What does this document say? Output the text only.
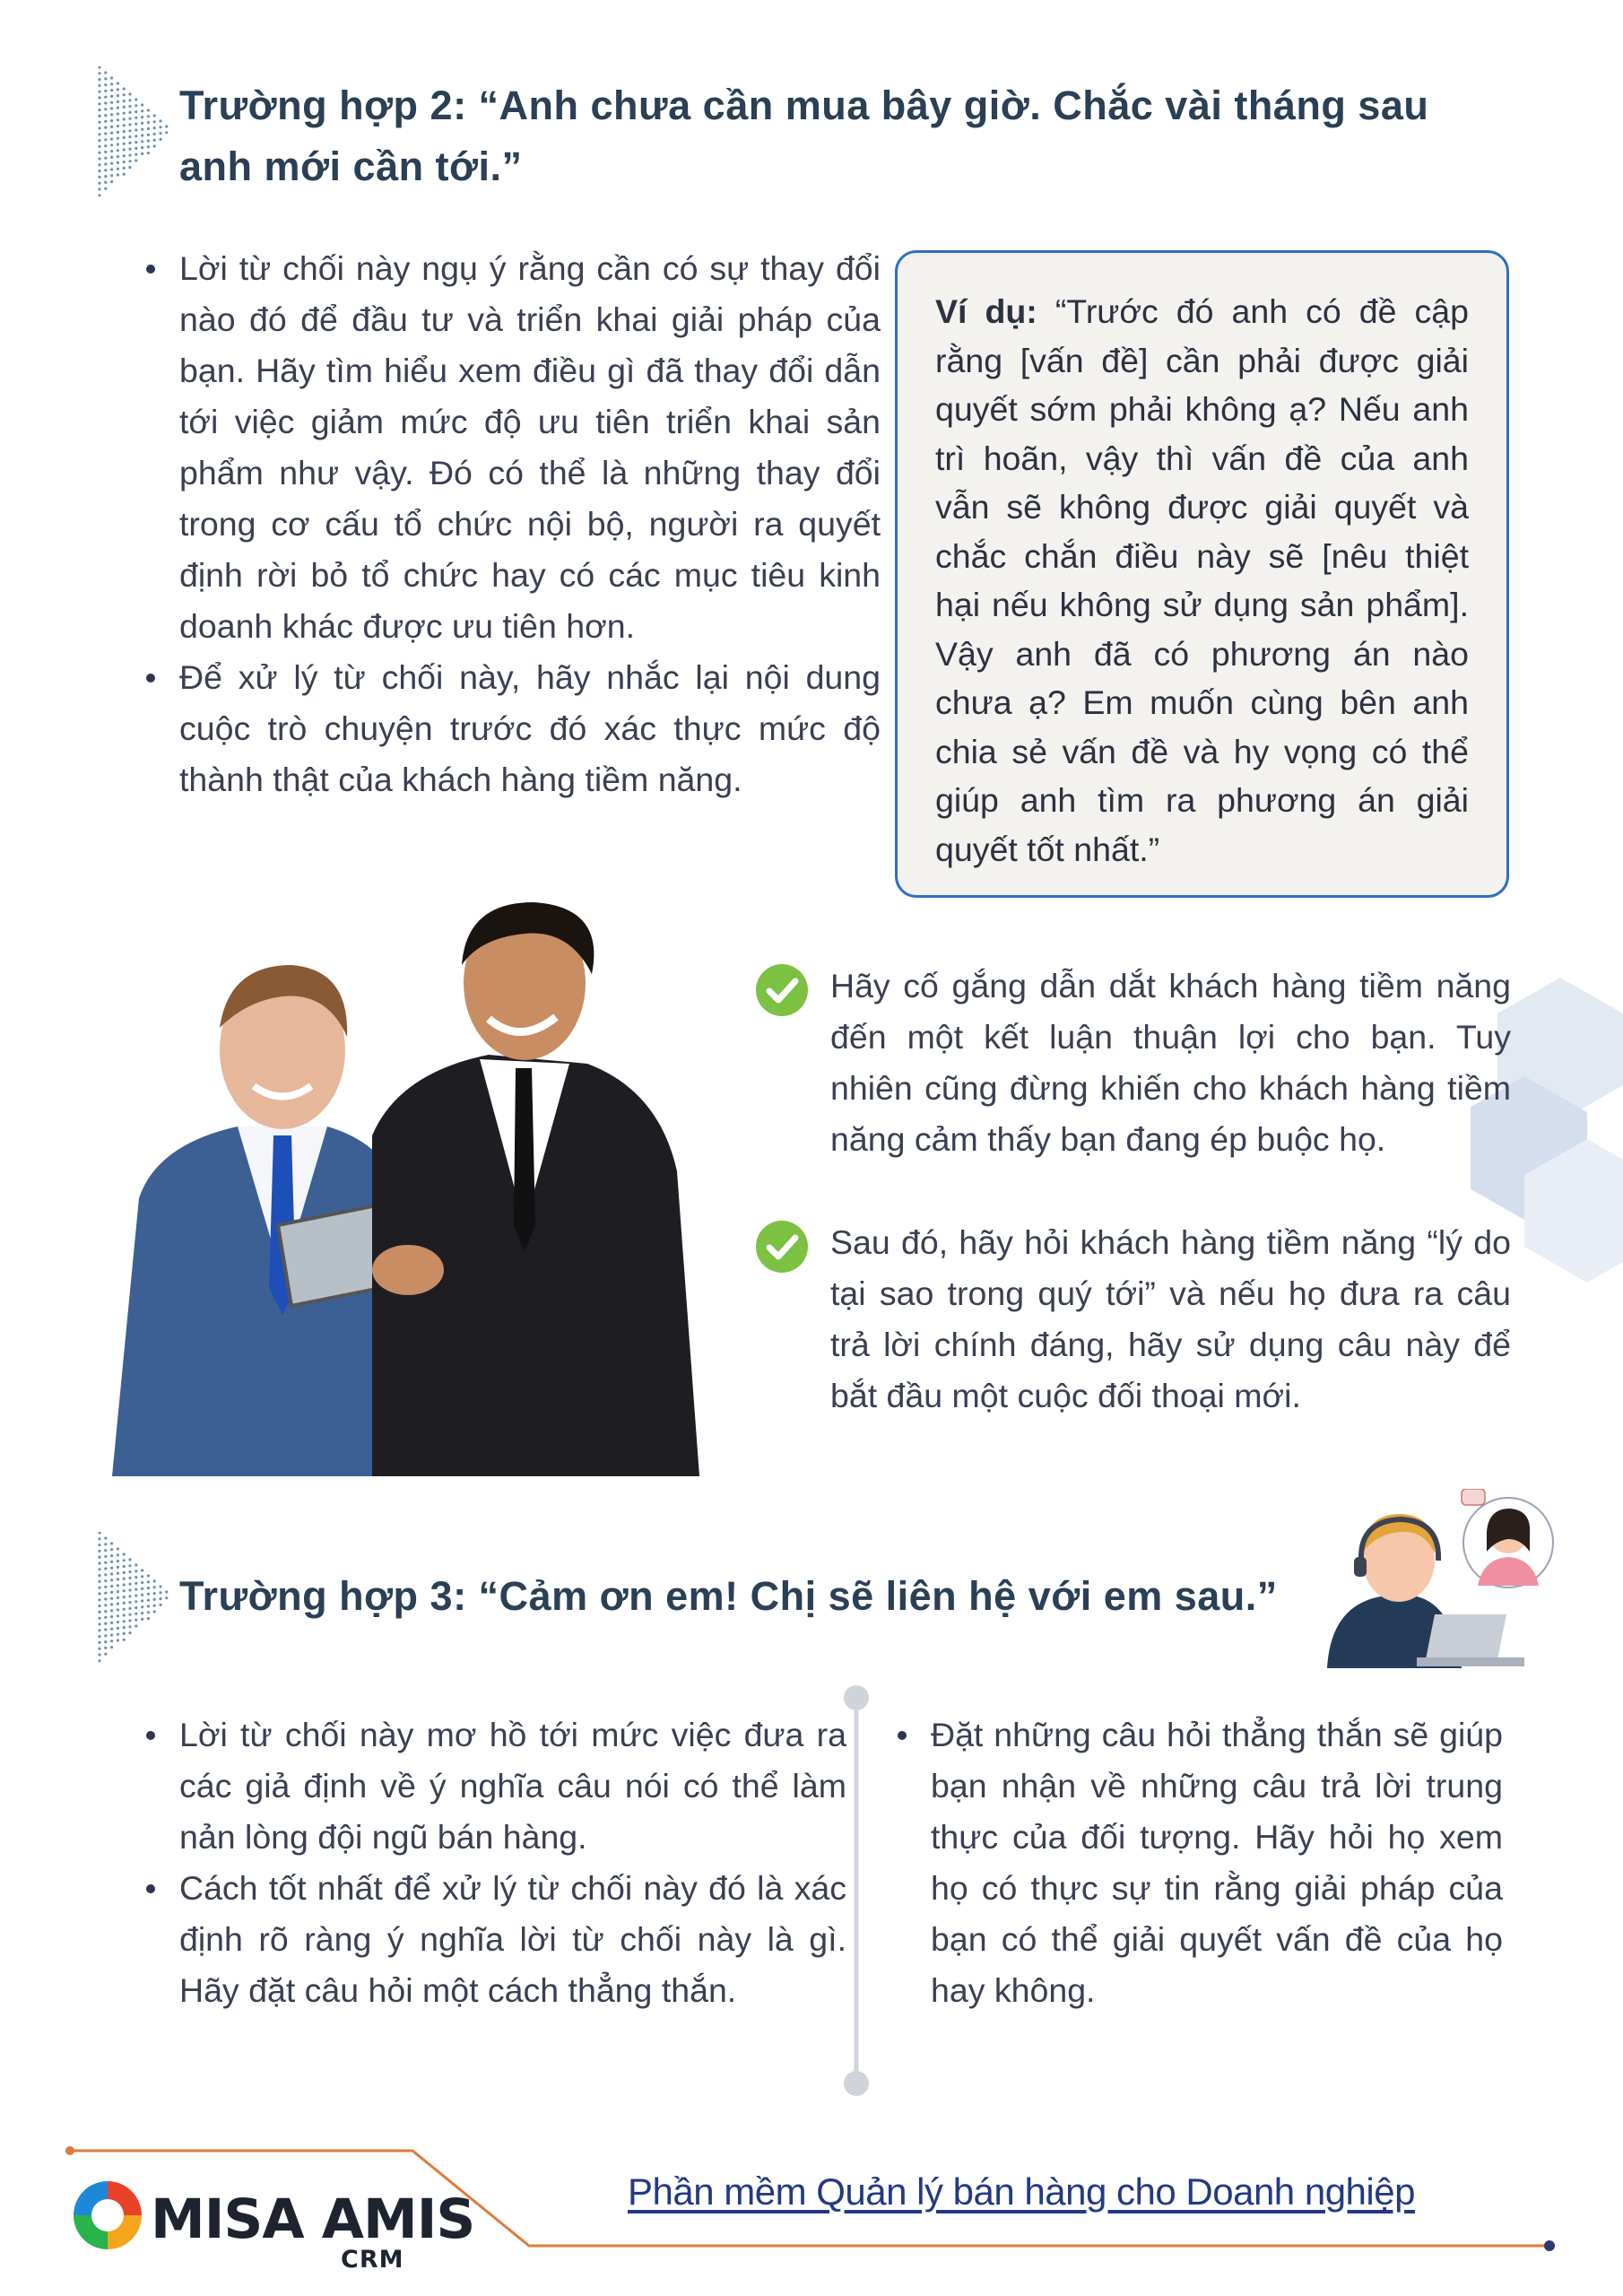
Trường hợp 2: “Anh chưa cần mua bây giờ. Chắc vài tháng sau anh mới cần tới.”
Lời từ chối này ngụ ý rằng cần có sự thay đổi nào đó để đầu tư và triển khai giải pháp của bạn. Hãy tìm hiểu xem điều gì đã thay đổi dẫn tới việc giảm mức độ ưu tiên triển khai sản phẩm như vậy. Đó có thể là những thay đổi trong cơ cấu tổ chức nội bộ, người ra quyết định rời bỏ tổ chức hay có các mục tiêu kinh doanh khác được ưu tiên hơn.
Để xử lý từ chối này, hãy nhắc lại nội dung cuộc trò chuyện trước đó xác thực mức độ thành thật của khách hàng tiềm năng.

Ví dụ: “Trước đó anh có đề cập rằng [vấn đề] cần phải được giải quyết sớm phải không ạ? Nếu anh trì hoãn, vậy thì vấn đề của anh vẫn sẽ không được giải quyết và chắc chắn điều này sẽ [nêu thiệt hại nếu không sử dụng sản phẩm]. Vậy anh đã có phương án nào chưa ạ? Em muốn cùng bên anh chia sẻ vấn đề và hy vọng có thể giúp anh tìm ra phương án giải quyết tốt nhất.”

Hãy cố gắng dẫn dắt khách hàng tiềm năng đến một kết luận thuận lợi cho bạn. Tuy nhiên cũng đừng khiến cho khách hàng tiềm năng cảm thấy bạn đang ép buộc họ.

Sau đó, hãy hỏi khách hàng tiềm năng “lý do tại sao trong quý tới” và nếu họ đưa ra câu trả lời chính đáng, hãy sử dụng câu này để bắt đầu một cuộc đối thoại mới.

Trường hợp 3: “Cảm ơn em! Chị sẽ liên hệ với em sau.”
Lời từ chối này mơ hồ tới mức việc đưa ra các giả định về ý nghĩa câu nói có thể làm nản lòng đội ngũ bán hàng.
Cách tốt nhất để xử lý từ chối này đó là xác định rõ ràng ý nghĩa lời từ chối này là gì. Hãy đặt câu hỏi một cách thẳng thắn.
Đặt những câu hỏi thẳng thắn sẽ giúp bạn nhận về những câu trả lời trung thực của đối tượng. Hãy hỏi họ xem họ có thực sự tin rằng giải pháp của bạn có thể giải quyết vấn đề của họ hay không.
MISA AMIS
CRM
Phần mềm Quản lý bán hàng cho Doanh nghiệp
